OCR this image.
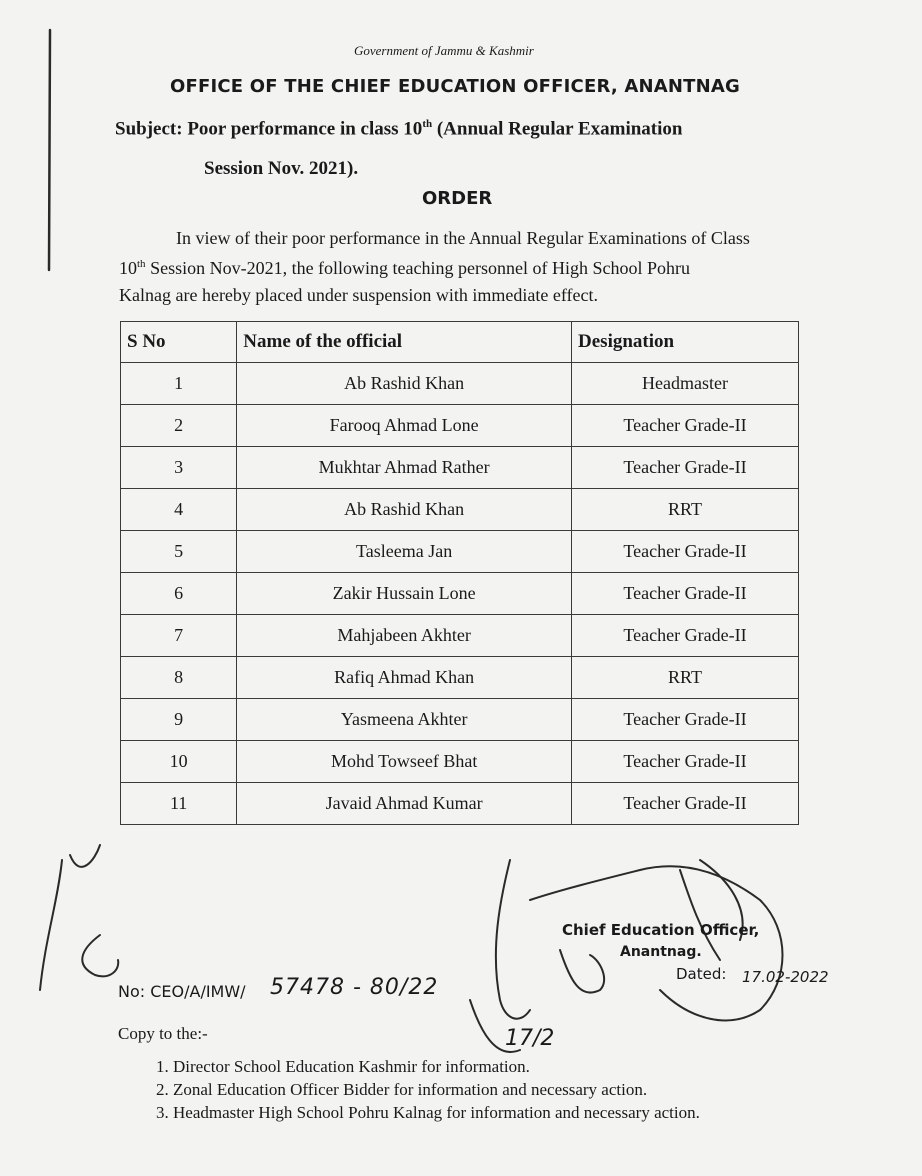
Government of Jammu & Kashmir
OFFICE OF THE CHIEF EDUCATION OFFICER, ANANTNAG
Subject: Poor performance in class 10th (Annual Regular Examination
Session Nov. 2021).
ORDER
In view of their poor performance in the Annual Regular Examinations of Class
10th Session Nov-2021, the following teaching personnel of High School Pohru
Kalnag are hereby placed under suspension with immediate effect.
S No	Name of the official	Designation
1	Ab Rashid Khan	Headmaster
2	Farooq Ahmad Lone	Teacher Grade-II
3	Mukhtar Ahmad Rather	Teacher Grade-II
4	Ab Rashid Khan	RRT
5	Tasleema Jan	Teacher Grade-II
6	Zakir Hussain Lone	Teacher Grade-II
7	Mahjabeen Akhter	Teacher Grade-II
8	Rafiq Ahmad Khan	RRT
9	Yasmeena Akhter	Teacher Grade-II
10	Mohd Towseef Bhat	Teacher Grade-II
11	Javaid Ahmad Kumar	Teacher Grade-II
17/2
Chief Education Officer,
Anantnag.
Dated: 17.02-2022
No: CEO/A/IMW/ 57478 - 80/22
Copy to the:-
1. Director School Education Kashmir for information.
2. Zonal Education Officer Bidder for information and necessary action.
3. Headmaster High School Pohru Kalnag for information and necessary action.
